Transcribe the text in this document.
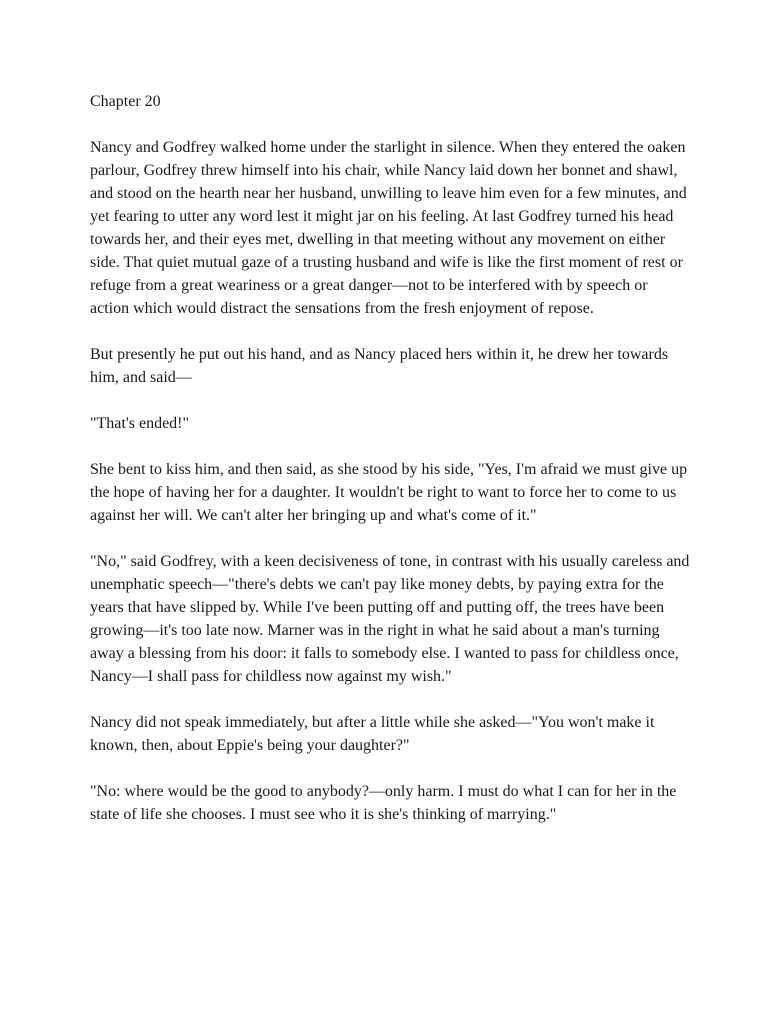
Chapter 20

Nancy and Godfrey walked home under the starlight in silence. When they entered the oaken parlour, Godfrey threw himself into his chair, while Nancy laid down her bonnet and shawl, and stood on the hearth near her husband, unwilling to leave him even for a few minutes, and yet fearing to utter any word lest it might jar on his feeling. At last Godfrey turned his head towards her, and their eyes met, dwelling in that meeting without any movement on either side. That quiet mutual gaze of a trusting husband and wife is like the first moment of rest or refuge from a great weariness or a great danger—not to be interfered with by speech or action which would distract the sensations from the fresh enjoyment of repose.

But presently he put out his hand, and as Nancy placed hers within it, he drew her towards him, and said—

"That's ended!"

She bent to kiss him, and then said, as she stood by his side, "Yes, I'm afraid we must give up the hope of having her for a daughter. It wouldn't be right to want to force her to come to us against her will. We can't alter her bringing up and what's come of it."

"No," said Godfrey, with a keen decisiveness of tone, in contrast with his usually careless and unemphatic speech—"there's debts we can't pay like money debts, by paying extra for the years that have slipped by. While I've been putting off and putting off, the trees have been growing—it's too late now. Marner was in the right in what he said about a man's turning away a blessing from his door: it falls to somebody else. I wanted to pass for childless once, Nancy—I shall pass for childless now against my wish."

Nancy did not speak immediately, but after a little while she asked—"You won't make it known, then, about Eppie's being your daughter?"

"No: where would be the good to anybody?—only harm. I must do what I can for her in the state of life she chooses. I must see who it is she's thinking of marrying."
